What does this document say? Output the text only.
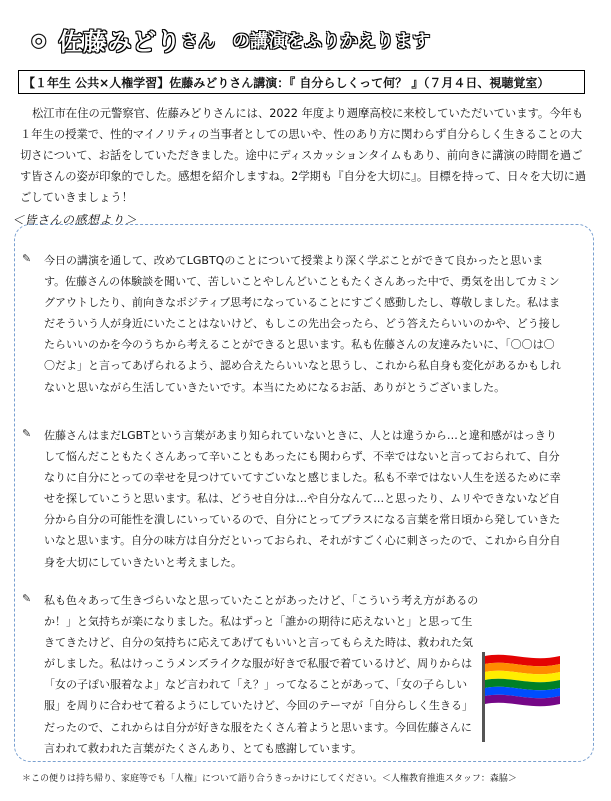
◎ 佐藤みどりさん の講演をふりかえります
【１年生 公共×人権学習】佐藤みどりさん講演：『 自分らしくって何？ 』（７月４日、視聴覚室）
松江市在住の元警察官、佐藤みどりさんには、2022 年度より週摩高校に来校していただいています。今年も１年生の授業で、性的マイノリティの当事者としての思いや、性のあり方に関わらず自分らしく生きることの大切さについて、お話をしていただきました。途中にディスカッションタイムもあり、前向きに講演の時間を過ごす皆さんの姿が印象的でした。感想を紹介しますね。2学期も『自分を大切に』。目標を持って、日々を大切に過ごしていきましょう！
＜皆さんの感想より＞
✎ 今日の講演を通して、改めてLGBTQのことについて授業より深く学ぶことができて良かったと思います。佐藤さんの体験談を聞いて、苦しいことやしんどいこともたくさんあった中で、勇気を出してカミングアウトしたり、前向きなポジティブ思考になっていることにすごく感動したし、尊敬しました。私はまだそういう人が身近にいたことはないけど、もしこの先出会ったら、どう答えたらいいのかや、どう接したらいいのかを今のうちから考えることができると思います。私も佐藤さんの友達みたいに、「〇〇は〇〇だよ」と言ってあげられるよう、認め合えたらいいなと思うし、これから私自身も変化があるかもしれないと思いながら生活していきたいです。本当にためになるお話、ありがとうございました。
✎ 佐藤さんはまだLGBTという言葉があまり知られていないときに、人とは違うから…と違和感がはっきりして悩んだこともたくさんあって辛いこともあったにも関わらず、不幸ではないと言っておられて、自分なりに自分にとっての幸せを見つけていてすごいなと感じました。私も不幸ではない人生を送るために幸せを探していこうと思います。私は、どうせ自分は…や自分なんて…と思ったり、ムリやできないなど自分から自分の可能性を潰しにいっているので、自分にとってプラスになる言葉を常日頃から発していきたいなと思います。自分の味方は自分だといっておられ、それがすごく心に刺さったので、これから自分自身を大切にしていきたいと考えました。
✎ 私も色々あって生きづらいなと思っていたことがあったけど、「こういう考え方があるのか！」と気持ちが楽になりました。私はずっと「誰かの期待に応えないと」と思って生きてきたけど、自分の気持ちに応えてあげてもいいと言ってもらえた時は、救われた気がしました。私はけっこうメンズライクな服が好きで私服で着ているけど、周りからは「女の子ぽい服着なよ」など言われて「え？」ってなることがあって、「女の子らしい服」を周りに合わせて着るようにしていたけど、今回のテーマが「自分らしく生きる」だったので、これからは自分が好きな服をたくさん着ようと思います。今回佐藤さんに言われて救われた言葉がたくさんあり、とても感謝しています。
＊この便りは持ち帰り、家庭等でも「人権」について語り合うきっかけにしてください。＜人権教育推進スタッフ：森脇＞
